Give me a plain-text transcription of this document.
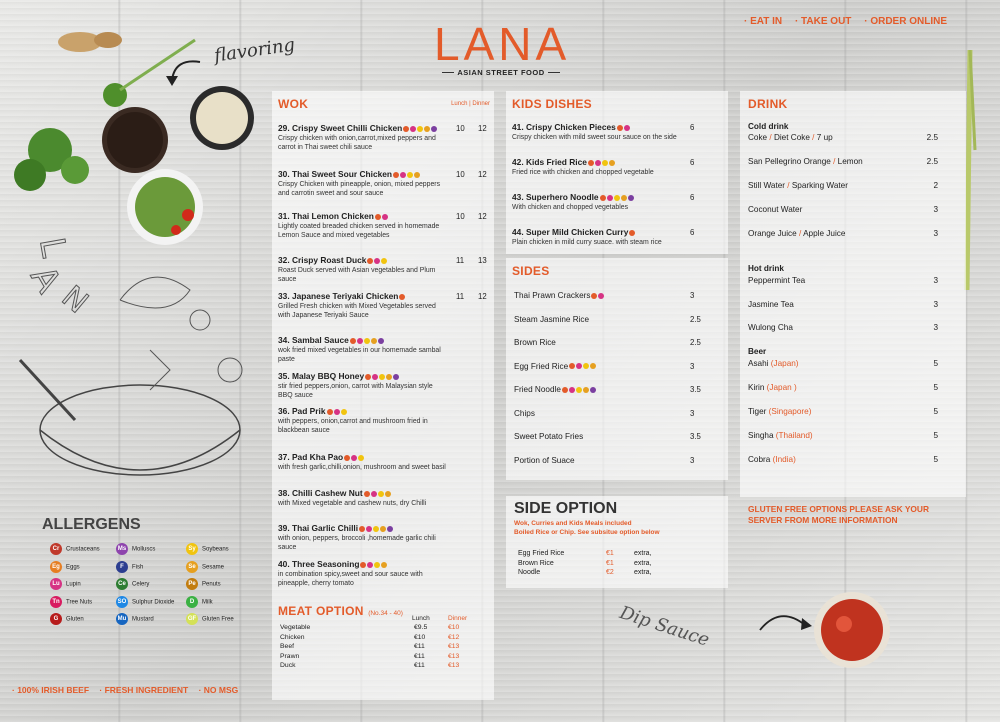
· EAT IN · TAKE OUT · ORDER ONLINE
LANA
ASIAN STREET FOOD
L
A
N
flavoring
WOK	Lunch | Dinner
29. Crispy Sweet Chilli Chicken
Crispy chicken with onion,carrot,mixed peppers and carrot in Thai sweet chili sauce
10 12
30. Thai Sweet Sour Chicken
Crispy Chicken with pineapple, onion, mixed peppers and carrotin sweet and sour sauce
10 12
31. Thai Lemon Chicken
Lightly coated breaded chicken served in homemade Lemon Sauce and mixed vegetables
10 12
32. Crispy Roast Duck
Roast Duck served with Asian vegetables and Plum sauce
11 13
33. Japanese Teriyaki Chicken
Grilled Fresh chicken with Mixed Vegetables served with Japanese Teriyaki Sauce
11 12
34. Sambal Sauce
wok fried mixed vegetables in our homemade sambal paste
35. Malay BBQ Honey
stir fried peppers,onion, carrot with Malaysian style BBQ sauce
36. Pad Prik
with peppers, onion,carrot and mushroom fried in blackbean sauce
37. Pad Kha Pao
with fresh garlic,chilli,onion, mushroom and sweet basil
38. Chilli Cashew Nut
with Mixed vegetable and cashew nuts, dry Chilli
39. Thai Garlic Chilli
with onion, peppers, broccoli ,homemade garlic chili sauce
40. Three Seasoning
in combination spicy,sweet and sour sauce with pineapple, cherry tomato
MEAT OPTION (No.34 - 40)
Lunch	Dinner
Vegetable	€9.5	€10
Chicken	€10	€12
Beef	€11	€13
Prawn	€11	€13
Duck	€11	€13
KIDS DISHES
41. Crispy Chicken Pieces
Crispy chicken with mild sweet sour sauce on the side
6
42. Kids Fried Rice
Fried rice with chicken and chopped vegetable
6
43. Superhero Noodle
With chicken and chopped vegetables
6
44. Super Mild Chicken Curry
Plain chicken in mild curry suace. with steam rice
6
SIDES
Thai Prawn Crackers	3
Steam Jasmine Rice	2.5
Brown Rice	2.5
Egg Fried Rice	3
Fried Noodle	3.5
Chips	3
Sweet Potato Fries	3.5
Portion of Suace	3
SIDE OPTION
Wok, Curries and Kids Meals included
Boiled Rice or Chip. See subsitue option below
Egg Fried Rice	€1	extra,
Brown Rice	€1	extra,
Noodle	€2	extra,
DRINK
Cold drink
Coke / Diet Coke / 7 up	2.5
San Pellegrino Orange / Lemon	2.5
Still Water / Sparking Water	2
Coconut Water	3
Orange Juice / Apple Juice	3
Hot drink
Peppermint Tea	3
Jasmine Tea	3
Wulong Cha	3
Beer
Asahi (Japan)	5
Kirin (Japan )	5
Tiger (Singapore)	5
Singha (Thailand)	5
Cobra (India)	5
GLUTEN FREE OPTIONS PLEASE ASK YOUR SERVER FROM MORE INFORMATION
Dip Sauce
ALLERGENS
Cr Crustaceans	Ms Molluscs	Sy Soybeans
Eg Eggs	F Fish	Se Sesame
Lu Lupin	Ce Celery	Pe Penuts
Tn Tree Nuts	SO Sulphur Dioxide	D Milk
G Gluten	Mu Mustard	GF Gluten Free
· 100% IRISH BEEF · FRESH INGREDIENT · NO MSG
